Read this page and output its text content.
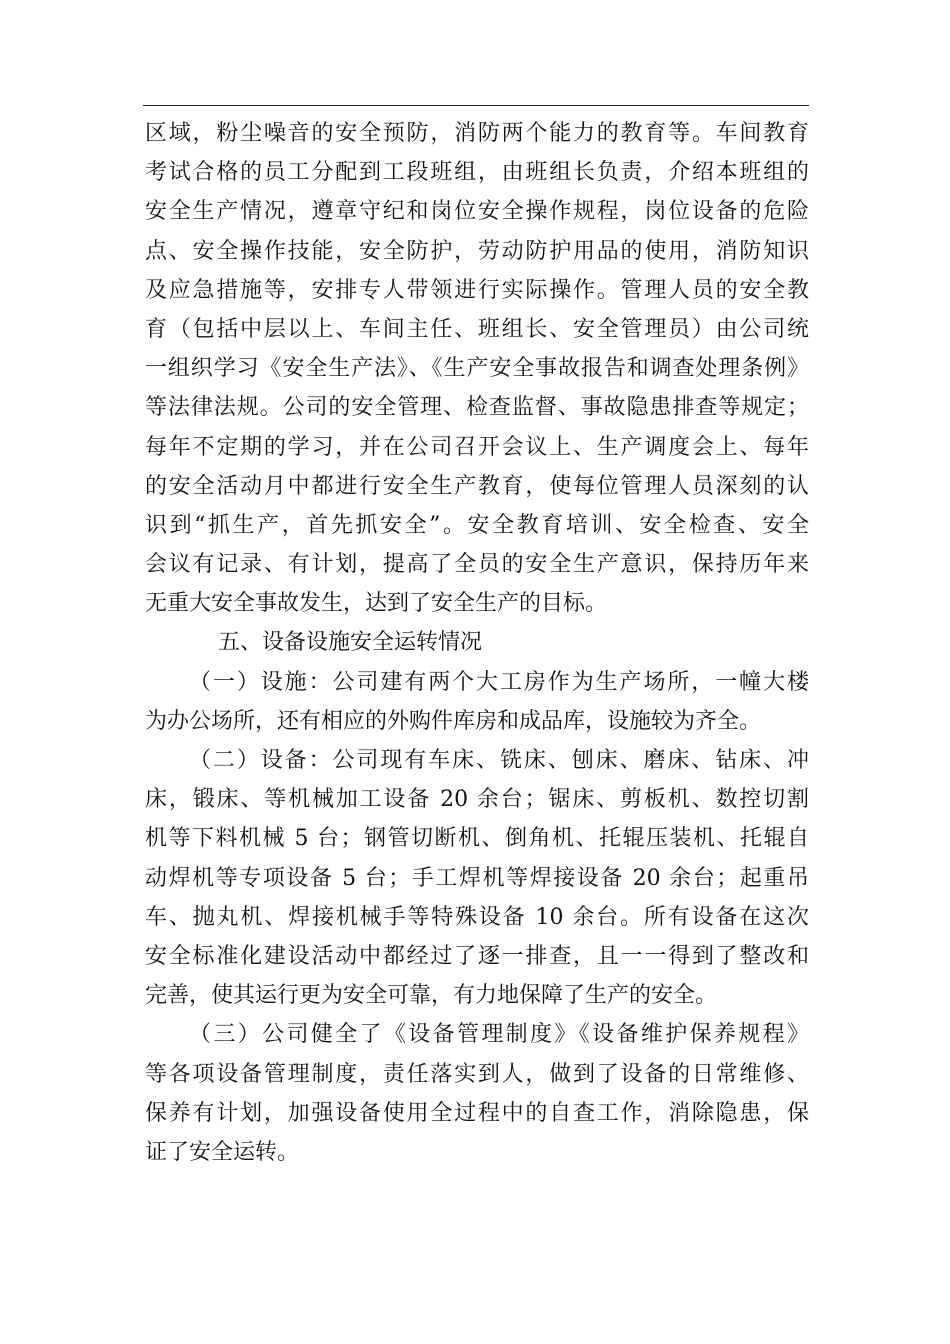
区域，粉尘噪音的安全预防，消防两个能力的教育等。车间教育
考试合格的员工分配到工段班组，由班组长负责，介绍本班组的
安全生产情况，遵章守纪和岗位安全操作规程，岗位设备的危险
点、安全操作技能，安全防护，劳动防护用品的使用，消防知识
及应急措施等，安排专人带领进行实际操作。管理人员的安全教
育（包括中层以上、车间主任、班组长、安全管理员）由公司统
一组织学习《安全生产法》、《生产安全事故报告和调查处理条例》
等法律法规。公司的安全管理、检查监督、事故隐患排查等规定；
每年不定期的学习，并在公司召开会议上、生产调度会上、每年
的安全活动月中都进行安全生产教育，使每位管理人员深刻的认
识到“抓生产，首先抓安全”。安全教育培训、安全检查、安全
会议有记录、有计划，提高了全员的安全生产意识，保持历年来
无重大安全事故发生，达到了安全生产的目标。
五、设备设施安全运转情况
（一）设施：公司建有两个大工房作为生产场所，一幢大楼
为办公场所，还有相应的外购件库房和成品库，设施较为齐全。
（二）设备：公司现有车床、铣床、刨床、磨床、钻床、冲
床，锻床、等机械加工设备 20 余台；锯床、剪板机、数控切割
机等下料机械 5 台；钢管切断机、倒角机、托辊压装机、托辊自
动焊机等专项设备 5 台；手工焊机等焊接设备 20 余台；起重吊
车、抛丸机、焊接机械手等特殊设备 10 余台。所有设备在这次
安全标准化建设活动中都经过了逐一排查，且一一得到了整改和
完善，使其运行更为安全可靠，有力地保障了生产的安全。
（三）公司健全了《设备管理制度》《设备维护保养规程》
等各项设备管理制度，责任落实到人，做到了设备的日常维修、
保养有计划，加强设备使用全过程中的自查工作，消除隐患，保
证了安全运转。
